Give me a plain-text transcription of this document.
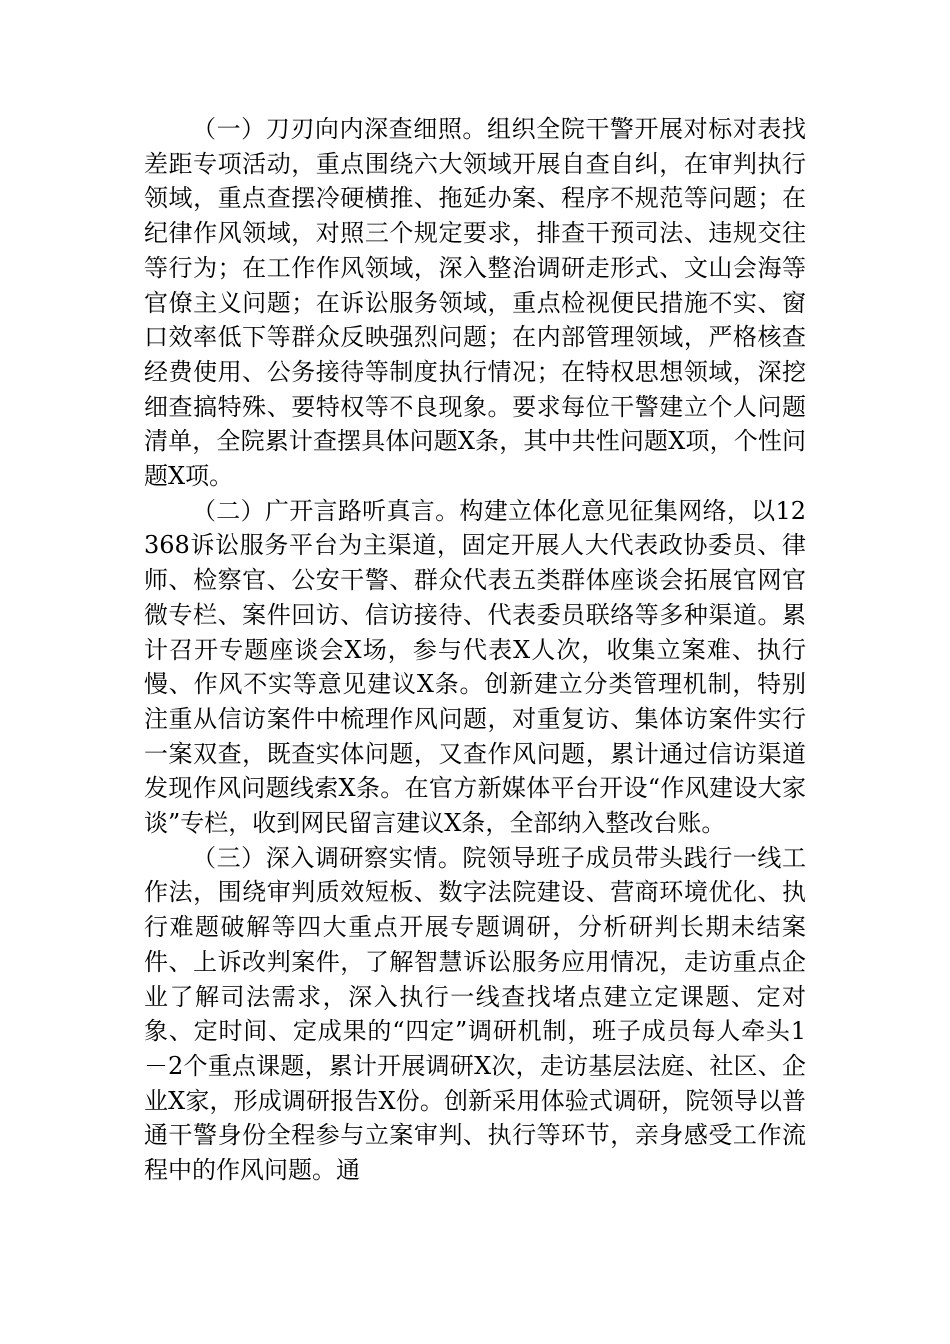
（一）刀刃向内深查细照。组织全院干警开展对标对表找差距专项活动，重点围绕六大领域开展自查自纠，在审判执行领域，重点查摆冷硬横推、拖延办案、程序不规范等问题；在纪律作风领域，对照三个规定要求，排查干预司法、违规交往等行为；在工作作风领域，深入整治调研走形式、文山会海等官僚主义问题；在诉讼服务领域，重点检视便民措施不实、窗口效率低下等群众反映强烈问题；在内部管理领域，严格核查经费使用、公务接待等制度执行情况；在特权思想领域，深挖细查搞特殊、要特权等不良现象。要求每位干警建立个人问题清单，全院累计查摆具体问题X条，其中共性问题X项，个性问题X项。

（二）广开言路听真言。构建立体化意见征集网络，以12368诉讼服务平台为主渠道，固定开展人大代表政协委员、律师、检察官、公安干警、群众代表五类群体座谈会拓展官网官微专栏、案件回访、信访接待、代表委员联络等多种渠道。累计召开专题座谈会X场，参与代表X人次，收集立案难、执行慢、作风不实等意见建议X条。创新建立分类管理机制，特别注重从信访案件中梳理作风问题，对重复访、集体访案件实行一案双查，既查实体问题，又查作风问题，累计通过信访渠道发现作风问题线索X条。在官方新媒体平台开设“作风建设大家谈”专栏，收到网民留言建议X条，全部纳入整改台账。

（三）深入调研察实情。院领导班子成员带头践行一线工作法，围绕审判质效短板、数字法院建设、营商环境优化、执行难题破解等四大重点开展专题调研，分析研判长期未结案件、上诉改判案件，了解智慧诉讼服务应用情况，走访重点企业了解司法需求，深入执行一线查找堵点建立定课题、定对象、定时间、定成果的“四定”调研机制，班子成员每人牵头1－2个重点课题，累计开展调研X次，走访基层法庭、社区、企业X家，形成调研报告X份。创新采用体验式调研，院领导以普通干警身份全程参与立案审判、执行等环节，亲身感受工作流程中的作风问题。通
